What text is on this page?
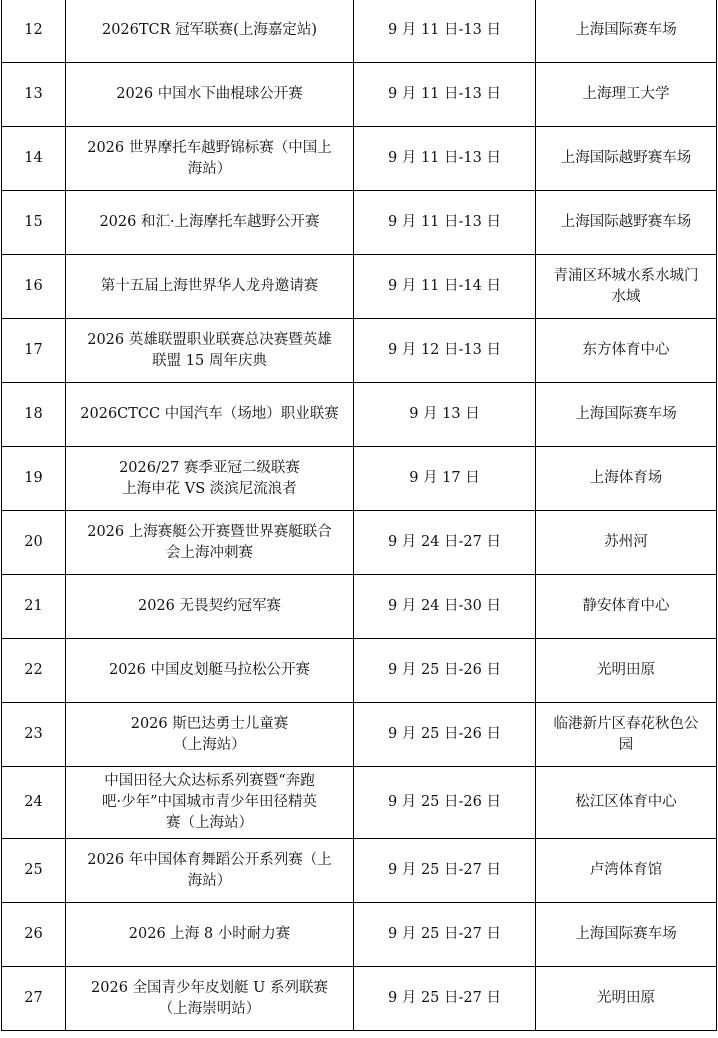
12	2026TCR 冠军联赛(上海嘉定站)	9 月 11 日-13 日	上海国际赛车场

13	2026 中国水下曲棍球公开赛	9 月 11 日-13 日	上海理工大学

14	2026 世界摩托车越野锦标赛（中国上
海站）	9 月 11 日-13 日	上海国际越野赛车场

15	2026 和汇·上海摩托车越野公开赛	9 月 11 日-13 日	上海国际越野赛车场

16	第十五届上海世界华人龙舟邀请赛	9 月 11 日-14 日	青浦区环城水系水城门
水域

17	2026 英雄联盟职业联赛总决赛暨英雄
联盟 15 周年庆典	9 月 12 日-13 日	东方体育中心

18	2026CTCC 中国汽车（场地）职业联赛	9 月 13 日	上海国际赛车场

19	2026/27 赛季亚冠二级联赛
上海申花 VS 淡滨尼流浪者	9 月 17 日	上海体育场

20	2026 上海赛艇公开赛暨世界赛艇联合
会上海冲刺赛	9 月 24 日-27 日	苏州河

21	2026 无畏契约冠军赛	9 月 24 日-30 日	静安体育中心

22	2026 中国皮划艇马拉松公开赛	9 月 25 日-26 日	光明田原

23	2026 斯巴达勇士儿童赛
（上海站）	9 月 25 日-26 日	临港新片区春花秋色公
园

24	中国田径大众达标系列赛暨“奔跑
吧·少年”中国城市青少年田径精英
赛（上海站）	9 月 25 日-26 日	松江区体育中心

25	2026 年中国体育舞蹈公开系列赛（上
海站）	9 月 25 日-27 日	卢湾体育馆

26	2026 上海 8 小时耐力赛	9 月 25 日-27 日	上海国际赛车场

27	2026 全国青少年皮划艇 U 系列联赛
（上海崇明站）	9 月 25 日-27 日	光明田原
